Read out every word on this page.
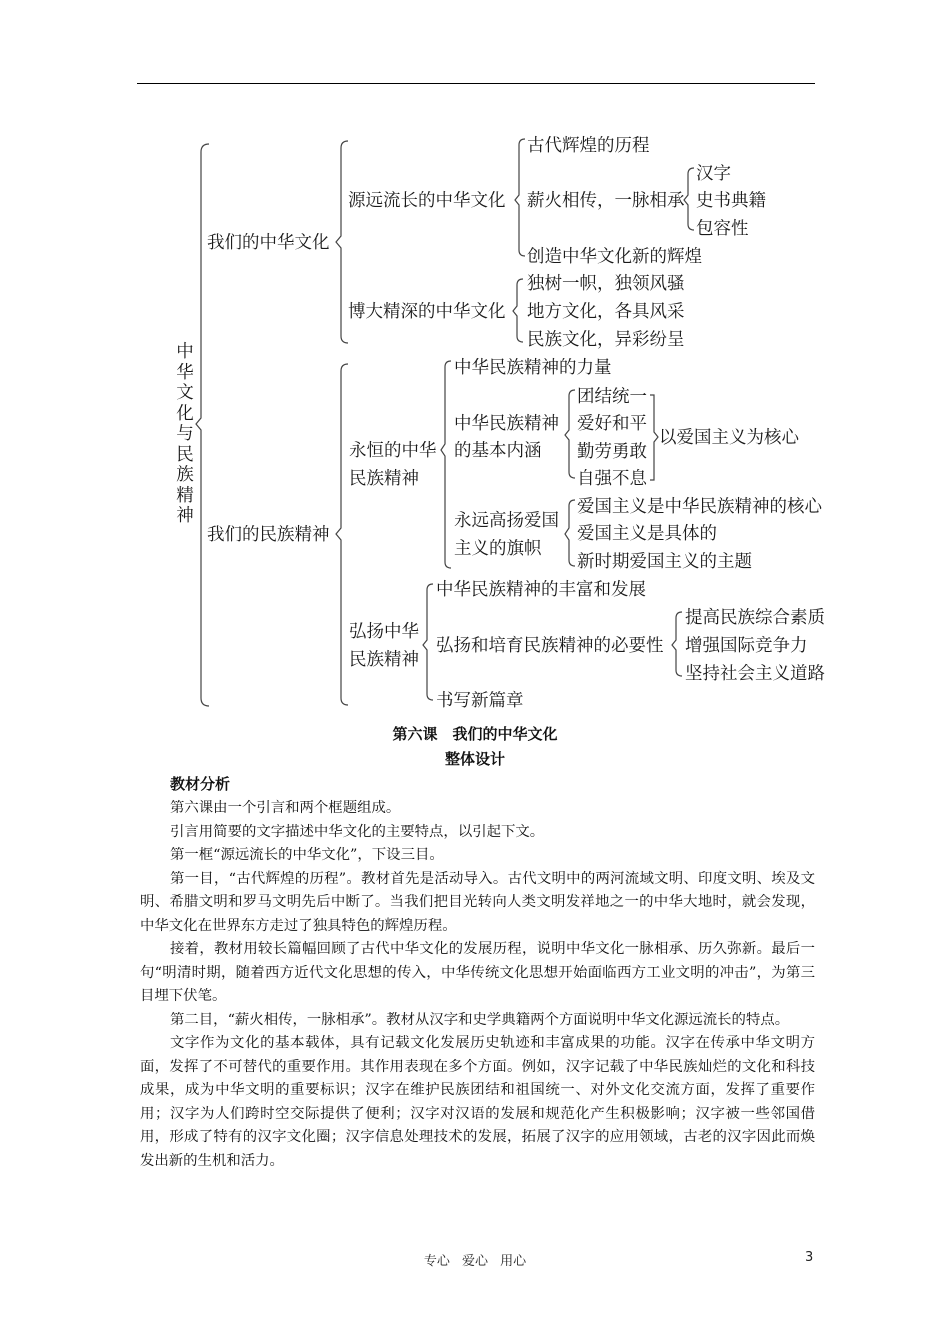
中华文化与民族精神
我们的中华文化
源远流长的中华文化
古代辉煌的历程
薪火相传，一脉相承
创造中华文化新的辉煌
汉字
史书典籍
包容性
博大精深的中华文化
独树一帜，独领风骚
地方文化，各具风采
民族文化，异彩纷呈
我们的民族精神
永恒的中华
民族精神
中华民族精神的力量
中华民族精神
的基本内涵
团结统一
爱好和平
勤劳勇敢
自强不息
以爱国主义为核心
永远高扬爱国
主义的旗帜
爱国主义是中华民族精神的核心
爱国主义是具体的
新时期爱国主义的主题
弘扬中华
民族精神
中华民族精神的丰富和发展
弘扬和培育民族精神的必要性
书写新篇章
提高民族综合素质
增强国际竞争力
坚持社会主义道路
第六课　我们的中华文化
整体设计
教材分析

第六课由一个引言和两个框题组成。

引言用简要的文字描述中华文化的主要特点，以引起下文。

第一框“源远流长的中华文化”，下设三目。

第一目，“古代辉煌的历程”。教材首先是活动导入。古代文明中的两河流域文明、印度文明、埃及文明、希腊文明和罗马文明先后中断了。当我们把目光转向人类文明发祥地之一的中华大地时，就会发现，中华文化在世界东方走过了独具特色的辉煌历程。

接着，教材用较长篇幅回顾了古代中华文化的发展历程，说明中华文化一脉相承、历久弥新。最后一句“明清时期，随着西方近代文化思想的传入，中华传统文化思想开始面临西方工业文明的冲击”，为第三目埋下伏笔。

第二目，“薪火相传，一脉相承”。教材从汉字和史学典籍两个方面说明中华文化源远流长的特点。

文字作为文化的基本载体，具有记载文化发展历史轨迹和丰富成果的功能。汉字在传承中华文明方面，发挥了不可替代的重要作用。其作用表现在多个方面。例如，汉字记载了中华民族灿烂的文化和科技成果，成为中华文明的重要标识；汉字在维护民族团结和祖国统一、对外文化交流方面，发挥了重要作用；汉字为人们跨时空交际提供了便利；汉字对汉语的发展和规范化产生积极影响；汉字被一些邻国借用，形成了特有的汉字文化圈；汉字信息处理技术的发展，拓展了汉字的应用领域，古老的汉字因此而焕发出新的生机和活力。

专心 爱心 用心	3
